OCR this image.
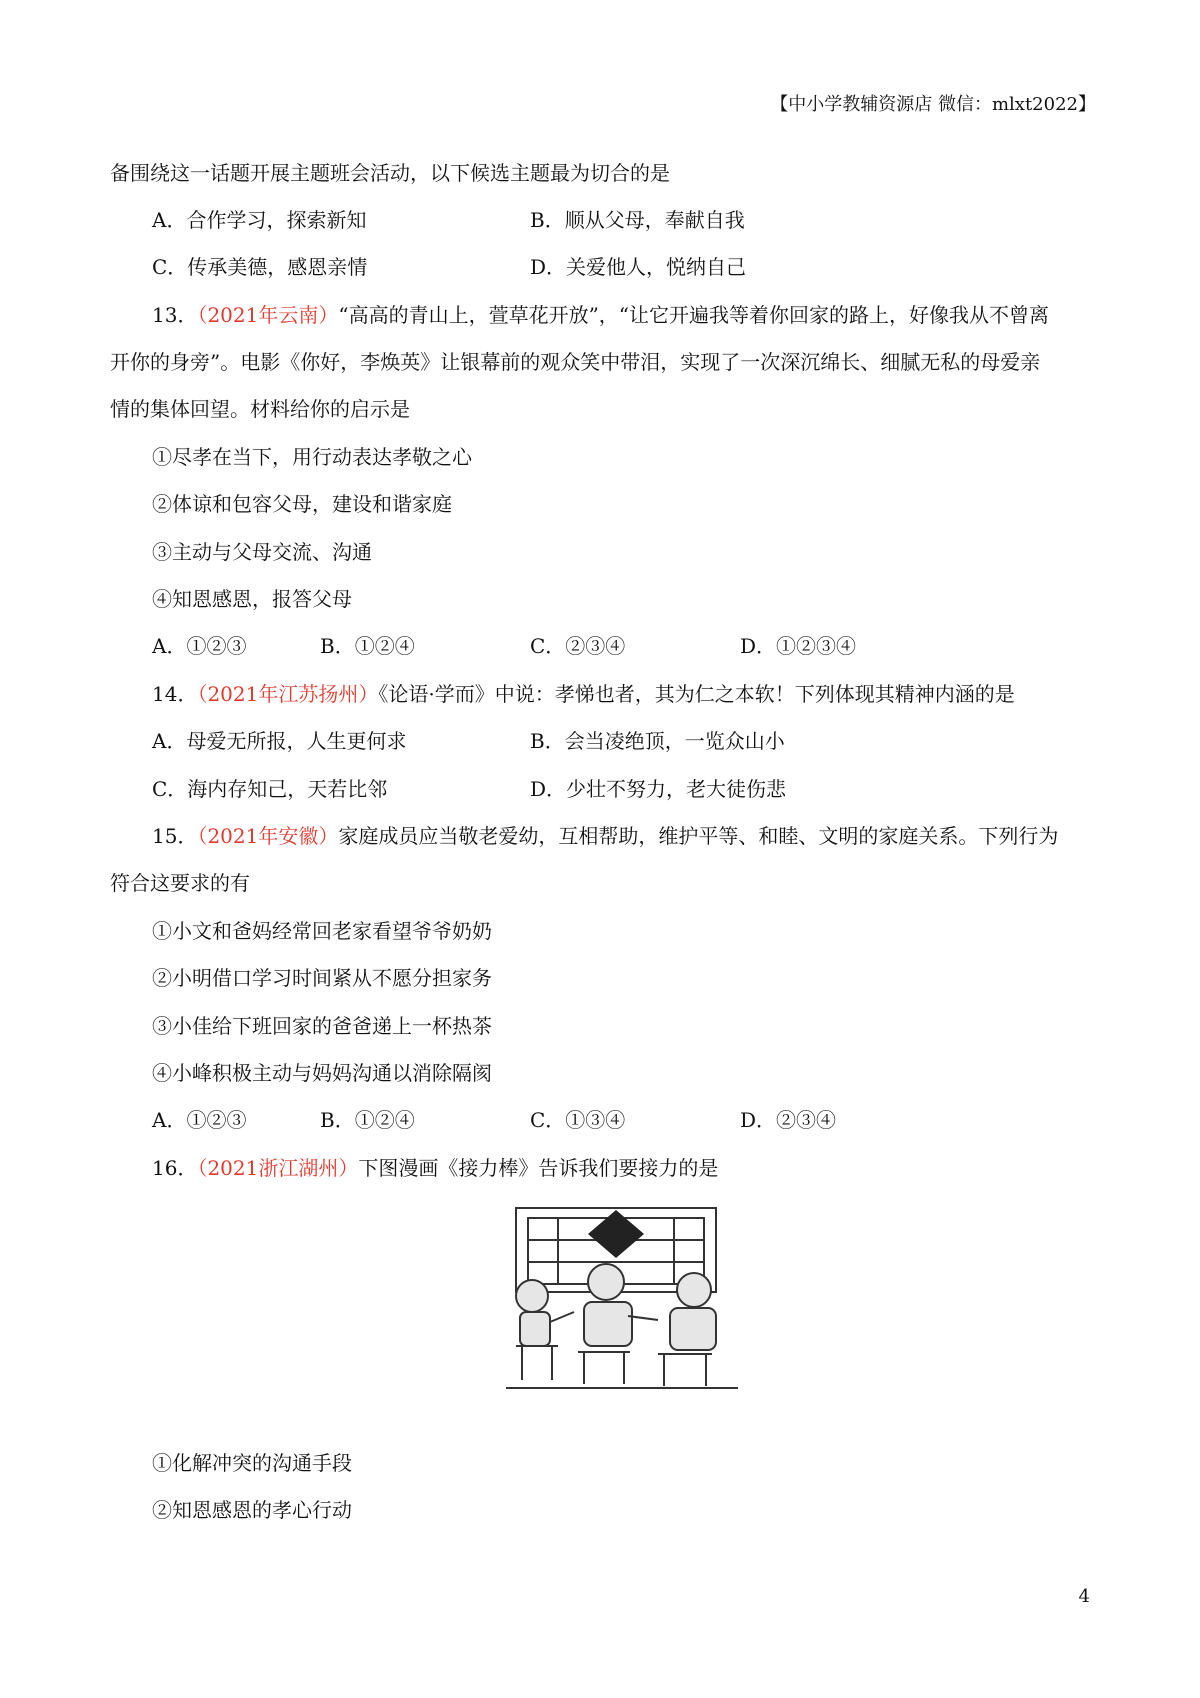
【中小学教辅资源店 微信：mlxt2022】
备围绕这一话题开展主题班会活动，以下候选主题最为切合的是
A．合作学习，探索新知	B．顺从父母，奉献自我
C．传承美德，感恩亲情	D．关爱他人，悦纳自己
13．（2021年云南）“高高的青山上，萱草花开放”，“让它开遍我等着你回家的路上，好像我从不曾离
开你的身旁”。电影《你好，李焕英》让银幕前的观众笑中带泪，实现了一次深沉绵长、细腻无私的母爱亲
情的集体回望。材料给你的启示是
①尽孝在当下，用行动表达孝敬之心
②体谅和包容父母，建设和谐家庭
③主动与父母交流、沟通
④知恩感恩，报答父母
A．①②③	B．①②④	C．②③④	D．①②③④
14．（2021年江苏扬州）《论语·学而》中说：孝悌也者，其为仁之本软！下列体现其精神内涵的是
A．母爱无所报，人生更何求	B．会当凌绝顶，一览众山小
C．海内存知己，天若比邻	D．少壮不努力，老大徒伤悲
15．（2021年安徽）家庭成员应当敬老爱幼，互相帮助，维护平等、和睦、文明的家庭关系。下列行为
符合这要求的有
①小文和爸妈经常回老家看望爷爷奶奶
②小明借口学习时间紧从不愿分担家务
③小佳给下班回家的爸爸递上一杯热茶
④小峰积极主动与妈妈沟通以消除隔阂
A．①②③	B．①②④	C．①③④	D．②③④
16．（2021浙江湖州）下图漫画《接力棒》告诉我们要接力的是
①化解冲突的沟通手段
②知恩感恩的孝心行动
4
